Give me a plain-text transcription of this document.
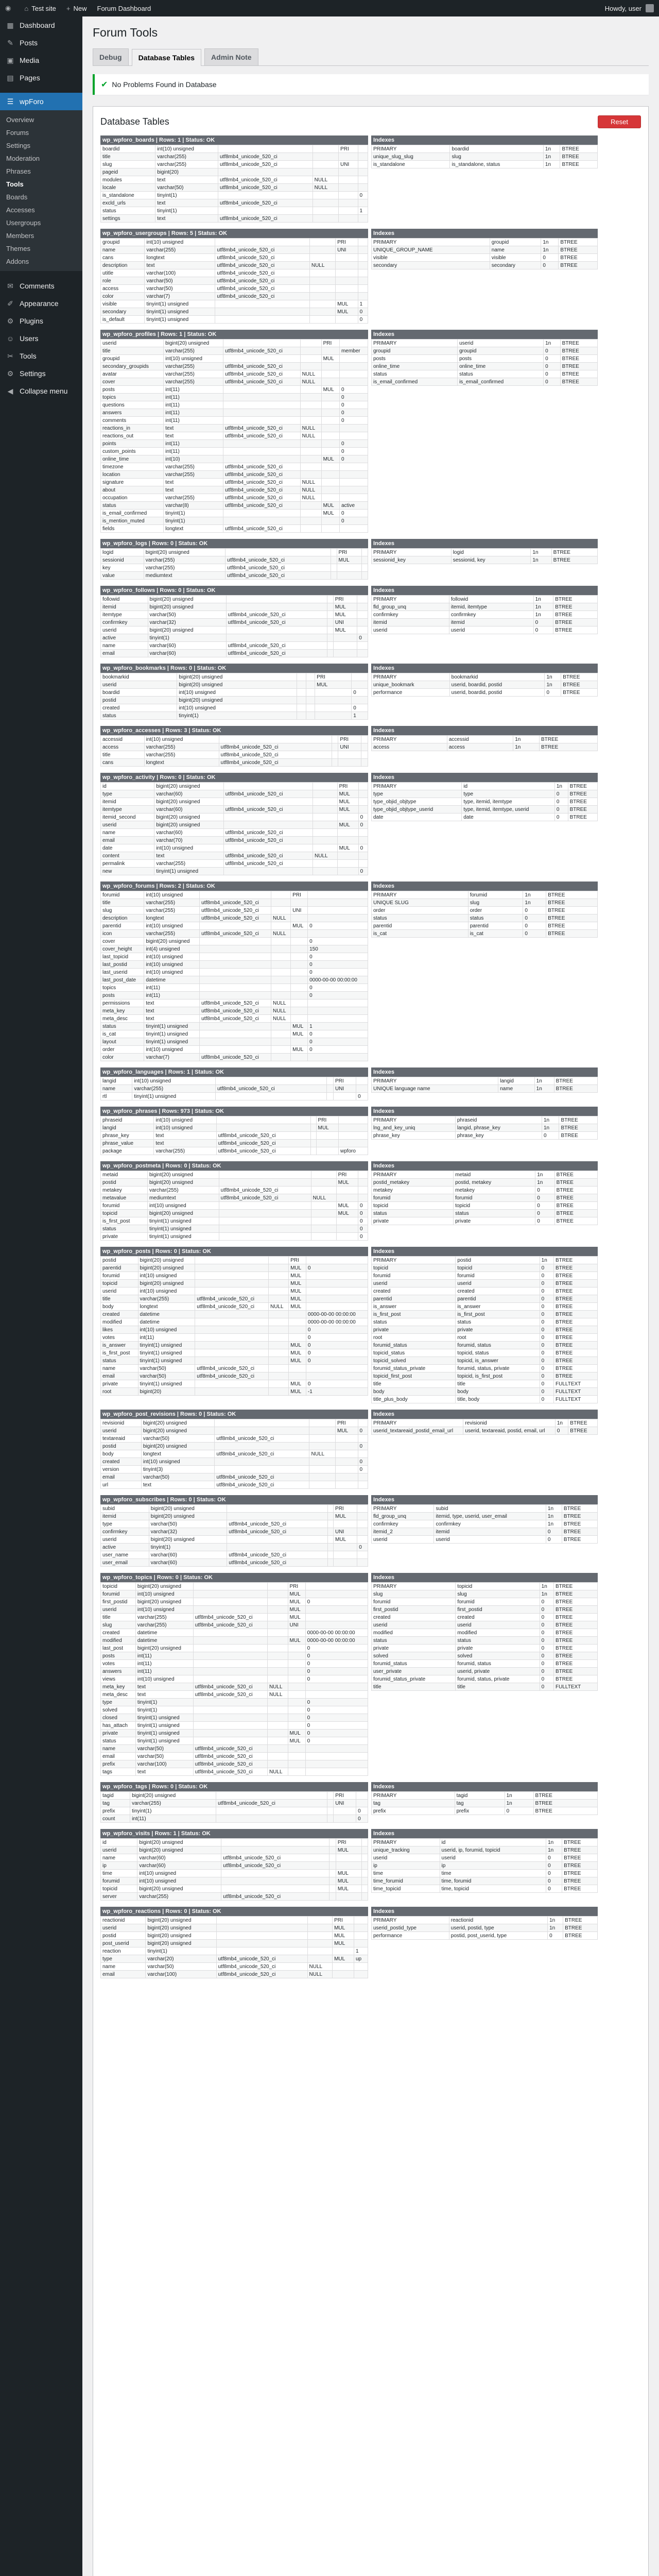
◉ ⌂ Test site + New Forum Dashboard	Howdy, user
▦ Dashboard
✎ Posts
▣ Media
▤ Pages
☰ wpForo
Overview
Forums
Settings
Moderation
Phrases
Tools
Boards
Accesses
Usergroups
Members
Themes
Addons
✉ Comments
✐ Appearance
⚙ Plugins
☺ Users
✂ Tools
⚙ Settings
◀ Collapse menu
Forum Tools
Debug	Database Tables	Admin Note
✔ No Problems Found in Database
Database Tables	Reset
wp_wpforo_boards | Rows: 1 | Status: OK
boardid	int(10) unsigned			PRI	
title	varchar(255)	utf8mb4_unicode_520_ci			
slug	varchar(255)	utf8mb4_unicode_520_ci		UNI	
pageid	bigint(20)				
modules	text	utf8mb4_unicode_520_ci	NULL		
locale	varchar(50)	utf8mb4_unicode_520_ci	NULL		
is_standalone	tinyint(1)				0
excld_urls	text	utf8mb4_unicode_520_ci			
status	tinyint(1)				1
settings	text	utf8mb4_unicode_520_ci			
Indexes
PRIMARY	boardid	1n	BTREE
unique_slug_slug	slug	1n	BTREE
is_standalone	is_standalone, status	1n	BTREE
wp_wpforo_usergroups | Rows: 5 | Status: OK
groupid	int(10) unsigned			PRI	
name	varchar(255)	utf8mb4_unicode_520_ci		UNI	
cans	longtext	utf8mb4_unicode_520_ci			
description	text	utf8mb4_unicode_520_ci	NULL		
utitle	varchar(100)	utf8mb4_unicode_520_ci			
role	varchar(50)	utf8mb4_unicode_520_ci			
access	varchar(50)	utf8mb4_unicode_520_ci			
color	varchar(7)	utf8mb4_unicode_520_ci			
visible	tinyint(1) unsigned			MUL	1
secondary	tinyint(1) unsigned			MUL	0
is_default	tinyint(1) unsigned				0
Indexes
PRIMARY	groupid	1n	BTREE
UNIQUE_GROUP_NAME	name	1n	BTREE
visible	visible	0	BTREE
secondary	secondary	0	BTREE
wp_wpforo_profiles | Rows: 1 | Status: OK
userid	bigint(20) unsigned			PRI	
title	varchar(255)	utf8mb4_unicode_520_ci			member
groupid	int(10) unsigned			MUL	
secondary_groupids	varchar(255)	utf8mb4_unicode_520_ci			
avatar	varchar(255)	utf8mb4_unicode_520_ci	NULL		
cover	varchar(255)	utf8mb4_unicode_520_ci	NULL		
posts	int(11)			MUL	0
topics	int(11)				0
questions	int(11)				0
answers	int(11)				0
comments	int(11)				0
reactions_in	text	utf8mb4_unicode_520_ci	NULL		
reactions_out	text	utf8mb4_unicode_520_ci	NULL		
points	int(11)				0
custom_points	int(11)				0
online_time	int(10)			MUL	0
timezone	varchar(255)	utf8mb4_unicode_520_ci			
location	varchar(255)	utf8mb4_unicode_520_ci			
signature	text	utf8mb4_unicode_520_ci	NULL		
about	text	utf8mb4_unicode_520_ci	NULL		
occupation	varchar(255)	utf8mb4_unicode_520_ci	NULL		
status	varchar(8)	utf8mb4_unicode_520_ci		MUL	active
is_email_confirmed	tinyint(1)			MUL	0
is_mention_muted	tinyint(1)				0
fields	longtext	utf8mb4_unicode_520_ci			
Indexes
PRIMARY	userid	1n	BTREE
groupid	groupid	0	BTREE
posts	posts	0	BTREE
online_time	online_time	0	BTREE
status	status	0	BTREE
is_email_confirmed	is_email_confirmed	0	BTREE
wp_wpforo_logs | Rows: 0 | Status: OK
logid	bigint(20) unsigned			PRI	
sessionid	varchar(255)	utf8mb4_unicode_520_ci		MUL	
key	varchar(255)	utf8mb4_unicode_520_ci			
value	mediumtext	utf8mb4_unicode_520_ci			
Indexes
PRIMARY	logid	1n	BTREE
sessionid_key	sessionid, key	1n	BTREE
wp_wpforo_follows | Rows: 0 | Status: OK
followid	bigint(20) unsigned			PRI	
itemid	bigint(20) unsigned			MUL	
itemtype	varchar(50)	utf8mb4_unicode_520_ci		MUL	
confirmkey	varchar(32)	utf8mb4_unicode_520_ci		UNI	
userid	bigint(20) unsigned			MUL	
active	tinyint(1)				0
name	varchar(60)	utf8mb4_unicode_520_ci			
email	varchar(60)	utf8mb4_unicode_520_ci			
Indexes
PRIMARY	followid	1n	BTREE
fld_group_unq	itemid, itemtype	1n	BTREE
confirmkey	confirmkey	1n	BTREE
itemid	itemid	0	BTREE
userid	userid	0	BTREE
wp_wpforo_bookmarks | Rows: 0 | Status: OK
bookmarkid	bigint(20) unsigned			PRI	
userid	bigint(20) unsigned			MUL	
boardid	int(10) unsigned				0
postid	bigint(20) unsigned				
created	int(10) unsigned				0
status	tinyint(1)				1
Indexes
PRIMARY	bookmarkid	1n	BTREE
unique_bookmark	userid, boardid, postid	1n	BTREE
performance	userid, boardid, postid	0	BTREE
wp_wpforo_accesses | Rows: 3 | Status: OK
accessid	int(10) unsigned			PRI	
access	varchar(255)	utf8mb4_unicode_520_ci		UNI	
title	varchar(255)	utf8mb4_unicode_520_ci			
cans	longtext	utf8mb4_unicode_520_ci			
Indexes
PRIMARY	accessid	1n	BTREE
access	access	1n	BTREE
wp_wpforo_activity | Rows: 0 | Status: OK
id	bigint(20) unsigned			PRI	
type	varchar(60)	utf8mb4_unicode_520_ci		MUL	
itemid	bigint(20) unsigned			MUL	
itemtype	varchar(60)	utf8mb4_unicode_520_ci		MUL	
itemid_second	bigint(20) unsigned				0
userid	bigint(20) unsigned			MUL	0
name	varchar(60)	utf8mb4_unicode_520_ci			
email	varchar(70)	utf8mb4_unicode_520_ci			
date	int(10) unsigned			MUL	0
content	text	utf8mb4_unicode_520_ci	NULL		
permalink	varchar(255)	utf8mb4_unicode_520_ci			
new	tinyint(1) unsigned				0
Indexes
PRIMARY	id	1n	BTREE
type	type	0	BTREE
type_objid_objtype	type, itemid, itemtype	0	BTREE
type_objid_objtype_userid	type, itemid, itemtype, userid	0	BTREE
date	date	0	BTREE
wp_wpforo_forums | Rows: 2 | Status: OK
forumid	int(10) unsigned			PRI	
title	varchar(255)	utf8mb4_unicode_520_ci			
slug	varchar(255)	utf8mb4_unicode_520_ci		UNI	
description	longtext	utf8mb4_unicode_520_ci	NULL		
parentid	int(10) unsigned			MUL	0
icon	varchar(255)	utf8mb4_unicode_520_ci	NULL		
cover	bigint(20) unsigned				0
cover_height	int(4) unsigned				150
last_topicid	int(10) unsigned				0
last_postid	int(10) unsigned				0
last_userid	int(10) unsigned				0
last_post_date	datetime				0000-00-00 00:00:00
topics	int(11)				0
posts	int(11)				0
permissions	text	utf8mb4_unicode_520_ci	NULL		
meta_key	text	utf8mb4_unicode_520_ci	NULL		
meta_desc	text	utf8mb4_unicode_520_ci	NULL		
status	tinyint(1) unsigned			MUL	1
is_cat	tinyint(1) unsigned			MUL	0
layout	tinyint(1) unsigned				0
order	int(10) unsigned			MUL	0
color	varchar(7)	utf8mb4_unicode_520_ci			
Indexes
PRIMARY	forumid	1n	BTREE
UNIQUE SLUG	slug	1n	BTREE
order	order	0	BTREE
status	status	0	BTREE
parentid	parentid	0	BTREE
is_cat	is_cat	0	BTREE
wp_wpforo_languages | Rows: 1 | Status: OK
langid	int(10) unsigned			PRI	
name	varchar(255)	utf8mb4_unicode_520_ci		UNI	
rtl	tinyint(1) unsigned				0
Indexes
PRIMARY	langid	1n	BTREE
UNIQUE language name	name	1n	BTREE
wp_wpforo_phrases | Rows: 973 | Status: OK
phraseid	int(10) unsigned			PRI	
langid	int(10) unsigned			MUL	
phrase_key	text	utf8mb4_unicode_520_ci			
phrase_value	text	utf8mb4_unicode_520_ci			
package	varchar(255)	utf8mb4_unicode_520_ci			wpforo
Indexes
PRIMARY	phraseid	1n	BTREE
lng_and_key_uniq	langid, phrase_key	1n	BTREE
phrase_key	phrase_key	0	BTREE
wp_wpforo_postmeta | Rows: 0 | Status: OK
metaid	bigint(20) unsigned			PRI	
postid	bigint(20) unsigned			MUL	
metakey	varchar(255)	utf8mb4_unicode_520_ci			
metavalue	mediumtext	utf8mb4_unicode_520_ci	NULL		
forumid	int(10) unsigned			MUL	0
topicid	bigint(20) unsigned			MUL	0
is_first_post	tinyint(1) unsigned				0
status	tinyint(1) unsigned				0
private	tinyint(1) unsigned				0
Indexes
PRIMARY	metaid	1n	BTREE
postid_metakey	postid, metakey	1n	BTREE
metakey	metakey	0	BTREE
forumid	forumid	0	BTREE
topicid	topicid	0	BTREE
status	status	0	BTREE
private	private	0	BTREE
wp_wpforo_posts | Rows: 0 | Status: OK
postid	bigint(20) unsigned			PRI	
parentid	bigint(20) unsigned			MUL	0
forumid	int(10) unsigned			MUL	
topicid	bigint(20) unsigned			MUL	
userid	int(10) unsigned			MUL	
title	varchar(255)	utf8mb4_unicode_520_ci		MUL	
body	longtext	utf8mb4_unicode_520_ci	NULL	MUL	
created	datetime				0000-00-00 00:00:00
modified	datetime				0000-00-00 00:00:00
likes	int(10) unsigned				0
votes	int(11)				0
is_answer	tinyint(1) unsigned			MUL	0
is_first_post	tinyint(1) unsigned			MUL	0
status	tinyint(1) unsigned			MUL	0
name	varchar(50)	utf8mb4_unicode_520_ci			
email	varchar(50)	utf8mb4_unicode_520_ci			
private	tinyint(1) unsigned			MUL	0
root	bigint(20)			MUL	-1
Indexes
PRIMARY	postid	1n	BTREE
topicid	topicid	0	BTREE
forumid	forumid	0	BTREE
userid	userid	0	BTREE
created	created	0	BTREE
parentid	parentid	0	BTREE
is_answer	is_answer	0	BTREE
is_first_post	is_first_post	0	BTREE
status	status	0	BTREE
private	private	0	BTREE
root	root	0	BTREE
forumid_status	forumid, status	0	BTREE
topicid_status	topicid, status	0	BTREE
topicid_solved	topicid, is_answer	0	BTREE
forumid_status_private	forumid, status, private	0	BTREE
topicid_first_post	topicid, is_first_post	0	BTREE
title	title	0	FULLTEXT
body	body	0	FULLTEXT
title_plus_body	title, body	0	FULLTEXT
wp_wpforo_post_revisions | Rows: 0 | Status: OK
revisionid	bigint(20) unsigned			PRI	
userid	bigint(20) unsigned			MUL	0
textareaid	varchar(50)	utf8mb4_unicode_520_ci			
postid	bigint(20) unsigned				0
body	longtext	utf8mb4_unicode_520_ci	NULL		
created	int(10) unsigned				0
version	tinyint(3)				0
email	varchar(50)	utf8mb4_unicode_520_ci			
url	text	utf8mb4_unicode_520_ci			
Indexes
PRIMARY	revisionid	1n	BTREE
userid_textareaid_postid_email_url	userid, textareaid, postid, email, url	0	BTREE
wp_wpforo_subscribes | Rows: 0 | Status: OK
subid	bigint(20) unsigned			PRI	
itemid	bigint(20) unsigned			MUL	
type	varchar(50)	utf8mb4_unicode_520_ci			
confirmkey	varchar(32)	utf8mb4_unicode_520_ci		UNI	
userid	bigint(20) unsigned			MUL	
active	tinyint(1)				0
user_name	varchar(60)	utf8mb4_unicode_520_ci			
user_email	varchar(60)	utf8mb4_unicode_520_ci			
Indexes
PRIMARY	subid	1n	BTREE
fld_group_unq	itemid, type, userid, user_email	1n	BTREE
confirmkey	confirmkey	1n	BTREE
itemid_2	itemid	0	BTREE
userid	userid	0	BTREE
wp_wpforo_topics | Rows: 0 | Status: OK
topicid	bigint(20) unsigned			PRI	
forumid	int(10) unsigned			MUL	
first_postid	bigint(20) unsigned			MUL	0
userid	int(10) unsigned			MUL	
title	varchar(255)	utf8mb4_unicode_520_ci		MUL	
slug	varchar(255)	utf8mb4_unicode_520_ci		UNI	
created	datetime				0000-00-00 00:00:00
modified	datetime			MUL	0000-00-00 00:00:00
last_post	bigint(20) unsigned				0
posts	int(11)				0
votes	int(11)				0
answers	int(11)				0
views	int(10) unsigned				0
meta_key	text	utf8mb4_unicode_520_ci	NULL		
meta_desc	text	utf8mb4_unicode_520_ci	NULL		
type	tinyint(1)				0
solved	tinyint(1)				0
closed	tinyint(1) unsigned				0
has_attach	tinyint(1) unsigned				0
private	tinyint(1) unsigned			MUL	0
status	tinyint(1) unsigned			MUL	0
name	varchar(50)	utf8mb4_unicode_520_ci			
email	varchar(50)	utf8mb4_unicode_520_ci			
prefix	varchar(100)	utf8mb4_unicode_520_ci			
tags	text	utf8mb4_unicode_520_ci	NULL		
Indexes
PRIMARY	topicid	1n	BTREE
slug	slug	1n	BTREE
forumid	forumid	0	BTREE
first_postid	first_postid	0	BTREE
created	created	0	BTREE
userid	userid	0	BTREE
modified	modified	0	BTREE
status	status	0	BTREE
private	private	0	BTREE
solved	solved	0	BTREE
forumid_status	forumid, status	0	BTREE
user_private	userid, private	0	BTREE
forumid_status_private	forumid, status, private	0	BTREE
title	title	0	FULLTEXT
wp_wpforo_tags | Rows: 0 | Status: OK
tagid	bigint(20) unsigned			PRI	
tag	varchar(255)	utf8mb4_unicode_520_ci		UNI	
prefix	tinyint(1)				0
count	int(11)				0
Indexes
PRIMARY	tagid	1n	BTREE
tag	tag	1n	BTREE
prefix	prefix	0	BTREE
wp_wpforo_visits | Rows: 1 | Status: OK
id	bigint(20) unsigned			PRI	
userid	bigint(20) unsigned			MUL	
name	varchar(60)	utf8mb4_unicode_520_ci			
ip	varchar(60)	utf8mb4_unicode_520_ci			
time	int(10) unsigned			MUL	
forumid	int(10) unsigned			MUL	
topicid	bigint(20) unsigned			MUL	
server	varchar(255)	utf8mb4_unicode_520_ci			
Indexes
PRIMARY	id	1n	BTREE
unique_tracking	userid, ip, forumid, topicid	1n	BTREE
userid	userid	0	BTREE
ip	ip	0	BTREE
time	time	0	BTREE
time_forumid	time, forumid	0	BTREE
time_topicid	time, topicid	0	BTREE
wp_wpforo_reactions | Rows: 0 | Status: OK
reactionid	bigint(20) unsigned			PRI	
userid	bigint(20) unsigned			MUL	
postid	bigint(20) unsigned			MUL	
post_userid	bigint(20) unsigned			MUL	
reaction	tinyint(1)				1
type	varchar(20)	utf8mb4_unicode_520_ci		MUL	up
name	varchar(50)	utf8mb4_unicode_520_ci	NULL		
email	varchar(100)	utf8mb4_unicode_520_ci	NULL		
Indexes
PRIMARY	reactionid	1n	BTREE
userid_postid_type	userid, postid, type	1n	BTREE
performance	postid, post_userid, type	0	BTREE
